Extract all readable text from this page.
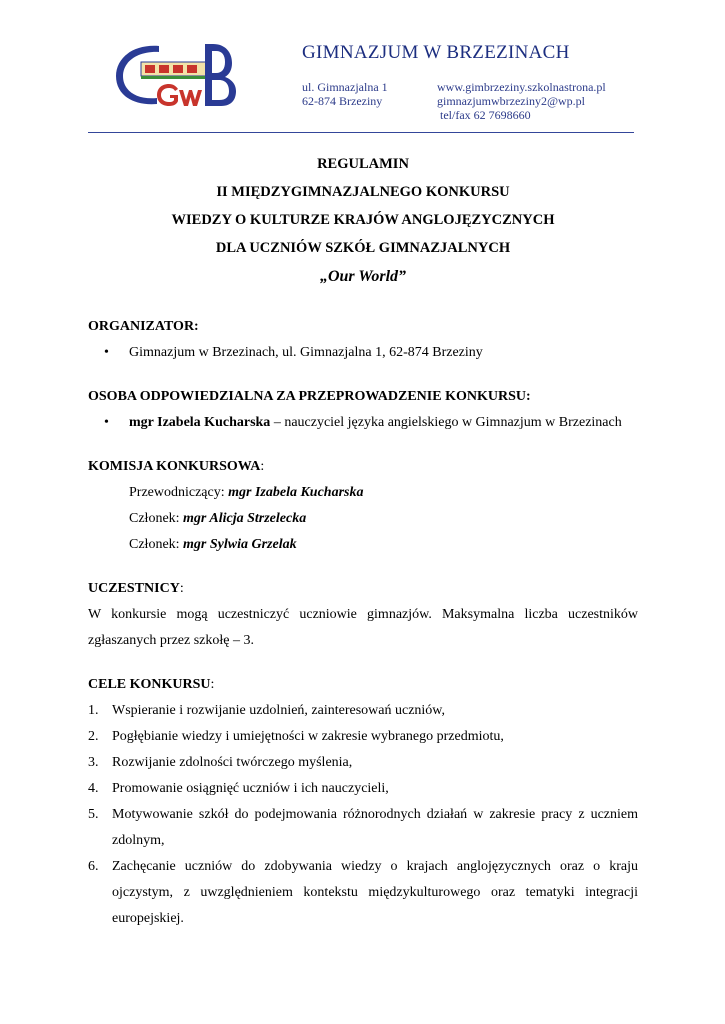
GIMNAZJUM W BRZEZINACH
ul. Gimnazjalna 1
62-874 Brzeziny
www.gimbrzeziny.szkolnastrona.pl
gimnazjumwbrzeziny2@wp.pl
tel/fax 62 7698660
REGULAMIN
II MIĘDZYGIMNAZJALNEGO KONKURSU
WIEDZY O KULTURZE KRAJÓW ANGLOJĘZYCZNYCH
DLA UCZNIÓW SZKÓŁ GIMNAZJALNYCH
„Our World”
ORGANIZATOR:
• Gimnazjum w Brzezinach, ul. Gimnazjalna 1, 62-874 Brzeziny
OSOBA ODPOWIEDZIALNA ZA PRZEPROWADZENIE KONKURSU:
• mgr Izabela Kucharska – nauczyciel języka angielskiego w Gimnazjum w Brzezinach
KOMISJA KONKURSOWA:
Przewodniczący: mgr Izabela Kucharska
Członek: mgr Alicja Strzelecka
Członek: mgr Sylwia Grzelak
UCZESTNICY:
W konkursie mogą uczestniczyć uczniowie gimnazjów. Maksymalna liczba uczestników zgłaszanych przez szkołę – 3.
CELE KONKURSU:
1. Wspieranie i rozwijanie uzdolnień, zainteresowań uczniów,
2. Pogłębianie wiedzy i umiejętności w zakresie wybranego przedmiotu,
3. Rozwijanie zdolności twórczego myślenia,
4. Promowanie osiągnięć uczniów i ich nauczycieli,
5. Motywowanie szkół do podejmowania różnorodnych działań w zakresie pracy z uczniem zdolnym,
6. Zachęcanie uczniów do zdobywania wiedzy o krajach anglojęzycznych oraz o kraju ojczystym, z uwzględnieniem kontekstu międzykulturowego oraz tematyki integracji europejskiej.
